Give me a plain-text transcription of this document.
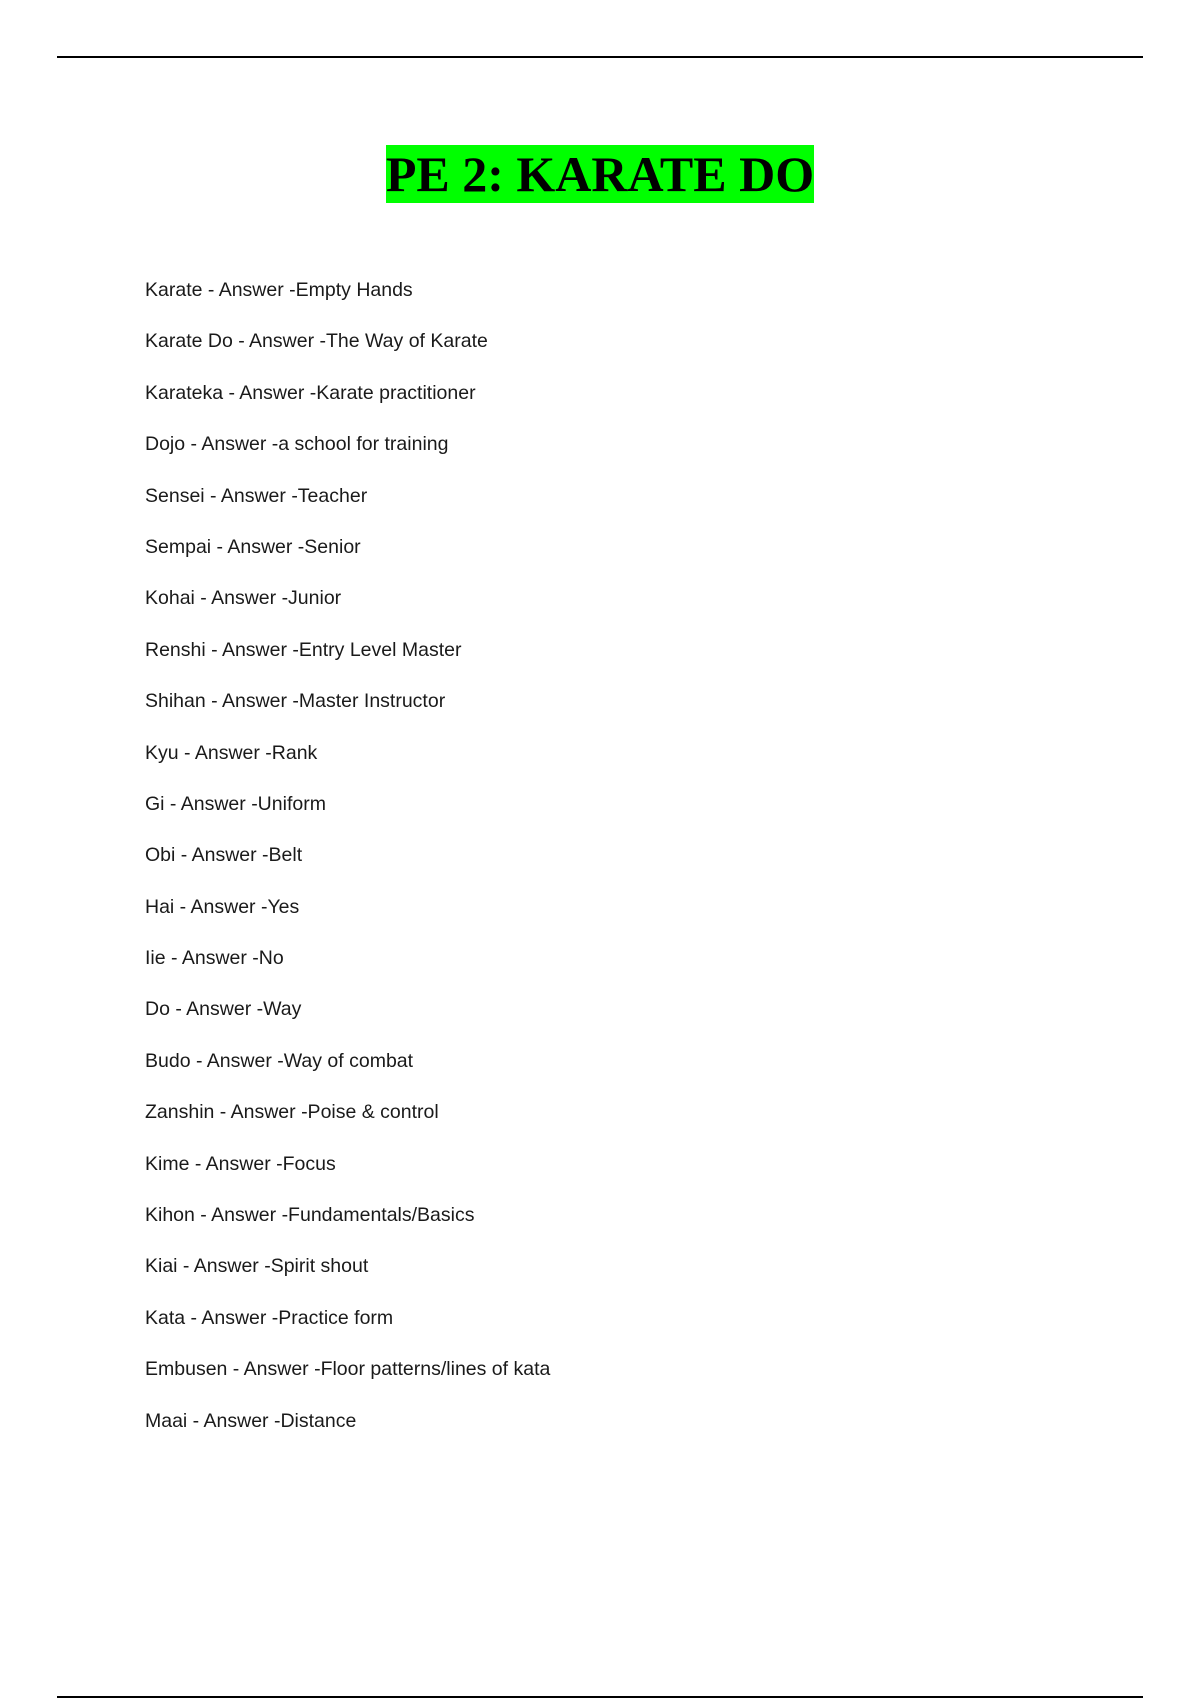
PE 2: KARATE DO
Karate - Answer -Empty Hands
Karate Do - Answer -The Way of Karate
Karateka - Answer -Karate practitioner
Dojo - Answer -a school for training
Sensei - Answer -Teacher
Sempai - Answer -Senior
Kohai - Answer -Junior
Renshi - Answer -Entry Level Master
Shihan - Answer -Master Instructor
Kyu - Answer -Rank
Gi - Answer -Uniform
Obi - Answer -Belt
Hai - Answer -Yes
Iie - Answer -No
Do - Answer -Way
Budo - Answer -Way of combat
Zanshin - Answer -Poise & control
Kime - Answer -Focus
Kihon - Answer -Fundamentals/Basics
Kiai - Answer -Spirit shout
Kata - Answer -Practice form
Embusen - Answer -Floor patterns/lines of kata
Maai - Answer -Distance
